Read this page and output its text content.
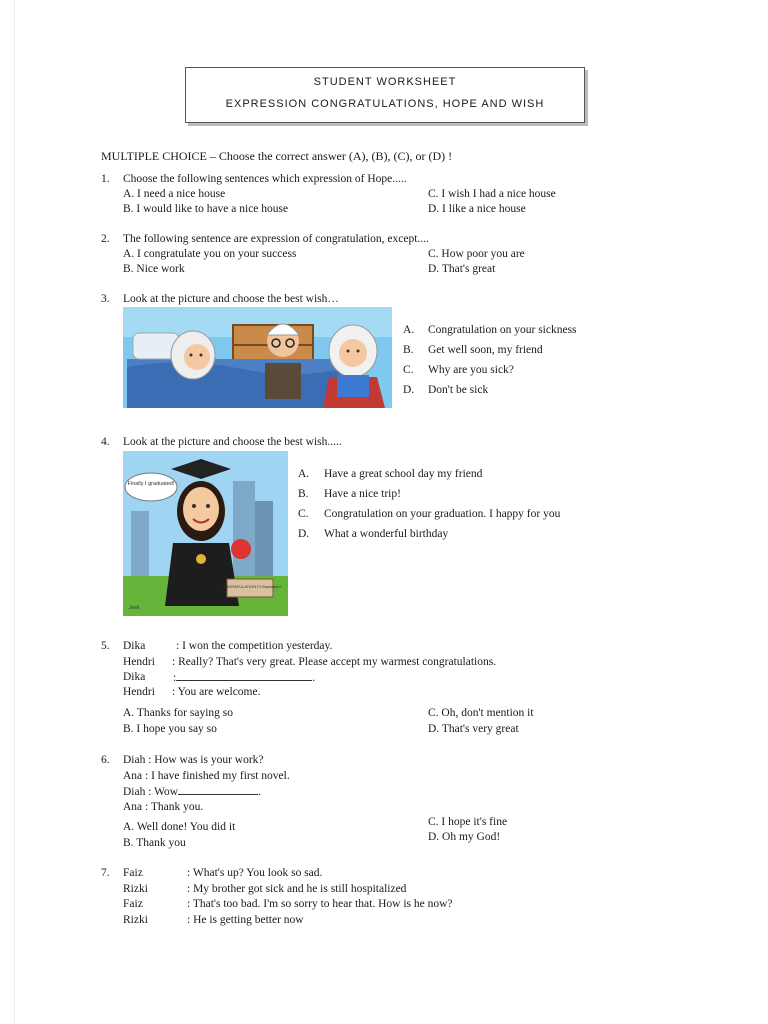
STUDENT WORKSHEET
EXPRESSION CONGRATULATIONS, HOPE AND WISH
MULTIPLE CHOICE – Choose the correct answer (A), (B), (C), or (D) !
1. Choose the following sentences which expression of Hope.....
A. I need a nice house
B. I would like to have a nice house
C. I wish I had a nice house
D. I like a nice house
2. The following sentence are expression of congratulation, except....
A. I congratulate you on your success
B. Nice work
C. How poor you are
D. That's great
3. Look at the picture and choose the best wish…
A. Congratulation on your sickness
B. Get well soon, my friend
C. Why are you sick?
D. Don't be sick
4. Look at the picture and choose the best wish.....
Finally I graduated!
CONGRATULATION Fi Graduated
Jesk
A. Have a great school day my friend
B. Have a nice trip!
C. Congratulation on your graduation. I happy for you
D. What a wonderful birthday
5. Dika	: I won the competition yesterday.
Hendri : Really? That's very great. Please accept my warmest congratulations.
Dika :	.
Hendri : You are welcome.
A. Thanks for saying so
B. I hope you say so
C. Oh, don't mention it
D. That's very great
6. Diah : How was is your work?
Ana : I have finished my first novel.
Diah : Wow	.
Ana : Thank you.
A. Well done! You did it
B. Thank you
C. I hope it's fine
D. Oh my God!
7. Faiz	: What's up? You look so sad.
Rizki	: My brother got sick and he is still hospitalized
Faiz	: That's too bad. I'm so sorry to hear that. How is he now?
Rizki	: He is getting better now
